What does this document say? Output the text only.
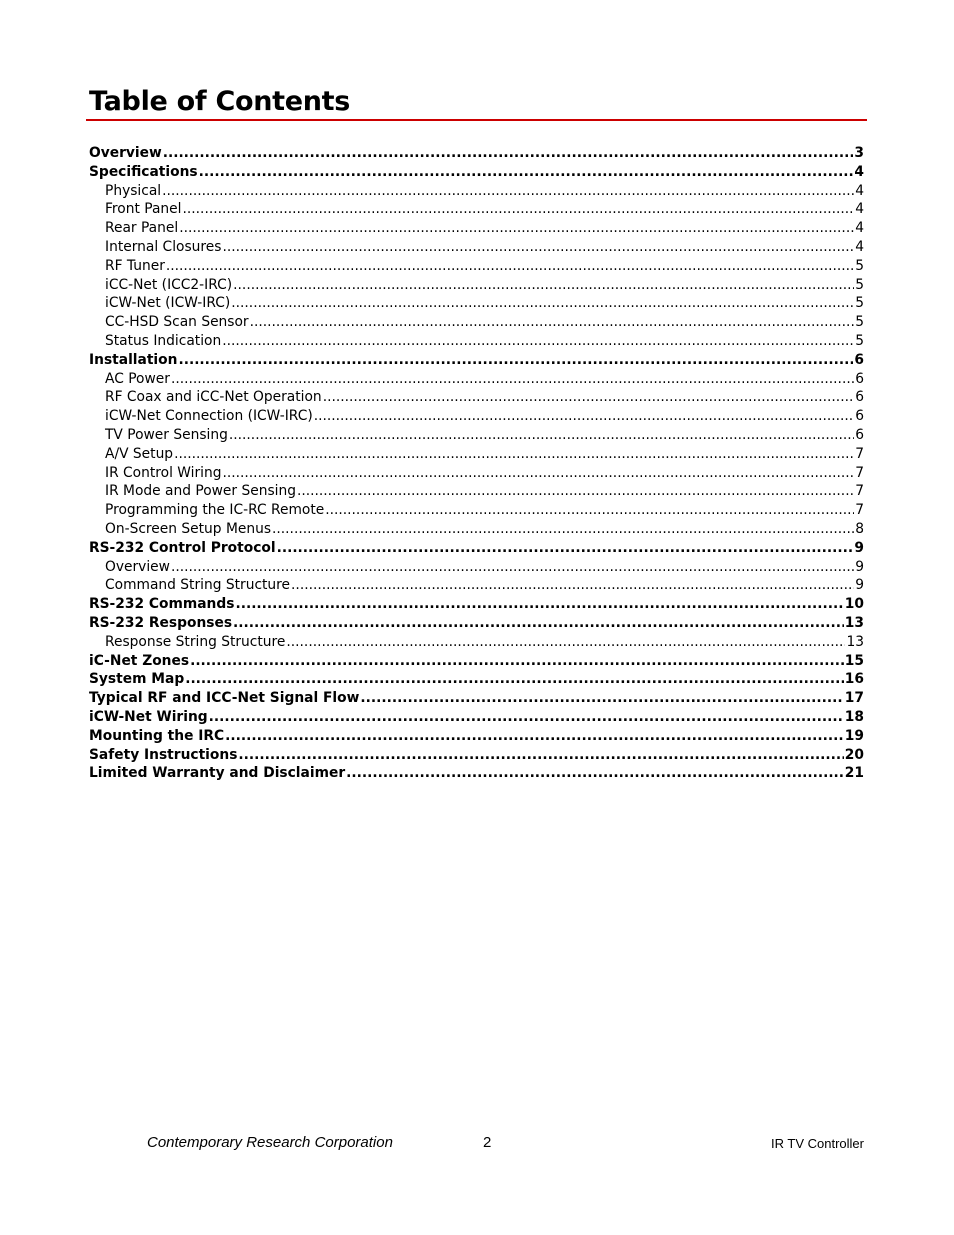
Table of Contents
Overview .....	3
Specifications .....	4
Physical .....	4
Front Panel .....	4
Rear Panel .....	4
Internal Closures .....	4
RF Tuner .....	5
iCC-Net (ICC2-IRC) .....	5
iCW-Net (ICW-IRC) .....	5
CC-HSD Scan Sensor .....	5
Status Indication .....	5
Installation .....	6
AC Power .....	6
RF Coax and iCC-Net Operation .....	6
iCW-Net Connection (ICW-IRC) .....	6
TV Power Sensing .....	6
A/V Setup .....	7
IR Control Wiring .....	7
IR Mode and Power Sensing .....	7
Programming the IC-RC Remote .....	7
On-Screen Setup Menus .....	8
RS-232 Control Protocol .....	9
Overview .....	9
Command String Structure .....	9
RS-232 Commands .....	10
RS-232 Responses .....	13
Response String Structure .....	13
iC-Net Zones .....	15
System Map .....	16
Typical RF and ICC-Net Signal Flow .....	17
iCW-Net Wiring .....	18
Mounting the IRC .....	19
Safety Instructions .....	20
Limited Warranty and Disclaimer .....	21
Contemporary Research Corporation	2	IR TV Controller
